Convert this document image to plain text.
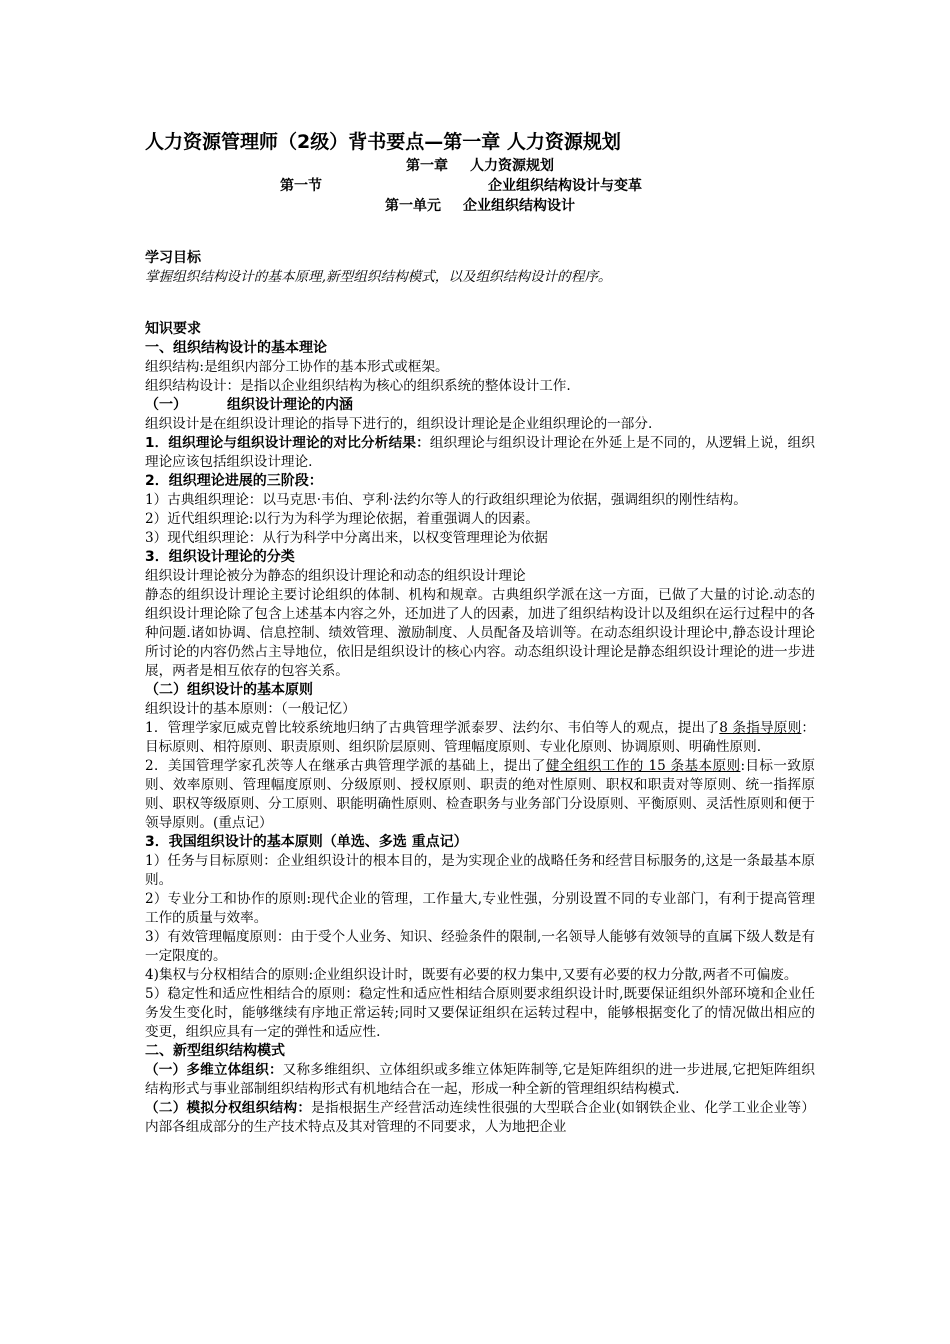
人力资源管理师（2级）背书要点—第一章 人力资源规划
第一章 人力资源规划
第一节	企业组织结构设计与变革
第一单元 企业组织结构设计
学习目标

掌握组织结构设计的基本原理,新型组织结构模式，以及组织结构设计的程序。

知识要求
一、组织结构设计的基本理论

组织结构:是组织内部分工协作的基本形式或框架。

组织结构设计：是指以企业组织结构为核心的组织系统的整体设计工作.

（一）	组织设计理论的内涵

组织设计是在组织设计理论的指导下进行的，组织设计理论是企业组织理论的一部分.

1．组织理论与组织设计理论的对比分析结果：组织理论与组织设计理论在外延上是不同的，从逻辑上说，组织理论应该包括组织设计理论.

2．组织理论进展的三阶段：

1）古典组织理论：以马克思·韦伯、亨利·法约尔等人的行政组织理论为依据，强调组织的刚性结构。

2）近代组织理论:以行为为科学为理论依据，着重强调人的因素。

3）现代组织理论：从行为科学中分离出来，以权变管理理论为依据

3．组织设计理论的分类

组织设计理论被分为静态的组织设计理论和动态的组织设计理论

静态的组织设计理论主要讨论组织的体制、机构和规章。古典组织学派在这一方面，已做了大量的讨论.动态的组织设计理论除了包含上述基本内容之外，还加进了人的因素，加进了组织结构设计以及组织在运行过程中的各种问题.诸如协调、信息控制、绩效管理、激励制度、人员配备及培训等。在动态组织设计理论中,静态设计理论所讨论的内容仍然占主导地位，依旧是组织设计的核心内容。动态组织设计理论是静态组织设计理论的进一步进展，两者是相互依存的包容关系。

（二）组织设计的基本原则

组织设计的基本原则：（一般记忆）

1．管理学家厄威克曾比较系统地归纳了古典管理学派泰罗、法约尔、韦伯等人的观点，提出了8 条指导原则：目标原则、相符原则、职责原则、组织阶层原则、管理幅度原则、专业化原则、协调原则、明确性原则.

2．美国管理学家孔茨等人在继承古典管理学派的基础上，提出了健全组织工作的 15 条基本原则:目标一致原则、效率原则、管理幅度原则、分级原则、授权原则、职责的绝对性原则、职权和职责对等原则、统一指挥原则、职权等级原则、分工原则、职能明确性原则、检查职务与业务部门分设原则、平衡原则、灵活性原则和便于领导原则。(重点记）

3．我国组织设计的基本原则（单选、多选 重点记）

1）任务与目标原则：企业组织设计的根本目的，是为实现企业的战略任务和经营目标服务的,这是一条最基本原则。

2）专业分工和协作的原则:现代企业的管理，工作量大,专业性强，分别设置不同的专业部门，有利于提高管理工作的质量与效率。

3）有效管理幅度原则：由于受个人业务、知识、经验条件的限制,一名领导人能够有效领导的直属下级人数是有一定限度的。

4)集权与分权相结合的原则:企业组织设计时，既要有必要的权力集中,又要有必要的权力分散,两者不可偏废。

5）稳定性和适应性相结合的原则：稳定性和适应性相结合原则要求组织设计时,既要保证组织外部环境和企业任务发生变化时，能够继续有序地正常运转;同时又要保证组织在运转过程中，能够根据变化了的情况做出相应的变更，组织应具有一定的弹性和适应性.

二、新型组织结构模式

（一）多维立体组织：又称多维组织、立体组织或多维立体矩阵制等,它是矩阵组织的进一步进展,它把矩阵组织结构形式与事业部制组织结构形式有机地结合在一起，形成一种全新的管理组织结构模式.

（二）模拟分权组织结构：是指根据生产经营活动连续性很强的大型联合企业(如钢铁企业、化学工业企业等）内部各组成部分的生产技术特点及其对管理的不同要求，人为地把企业
